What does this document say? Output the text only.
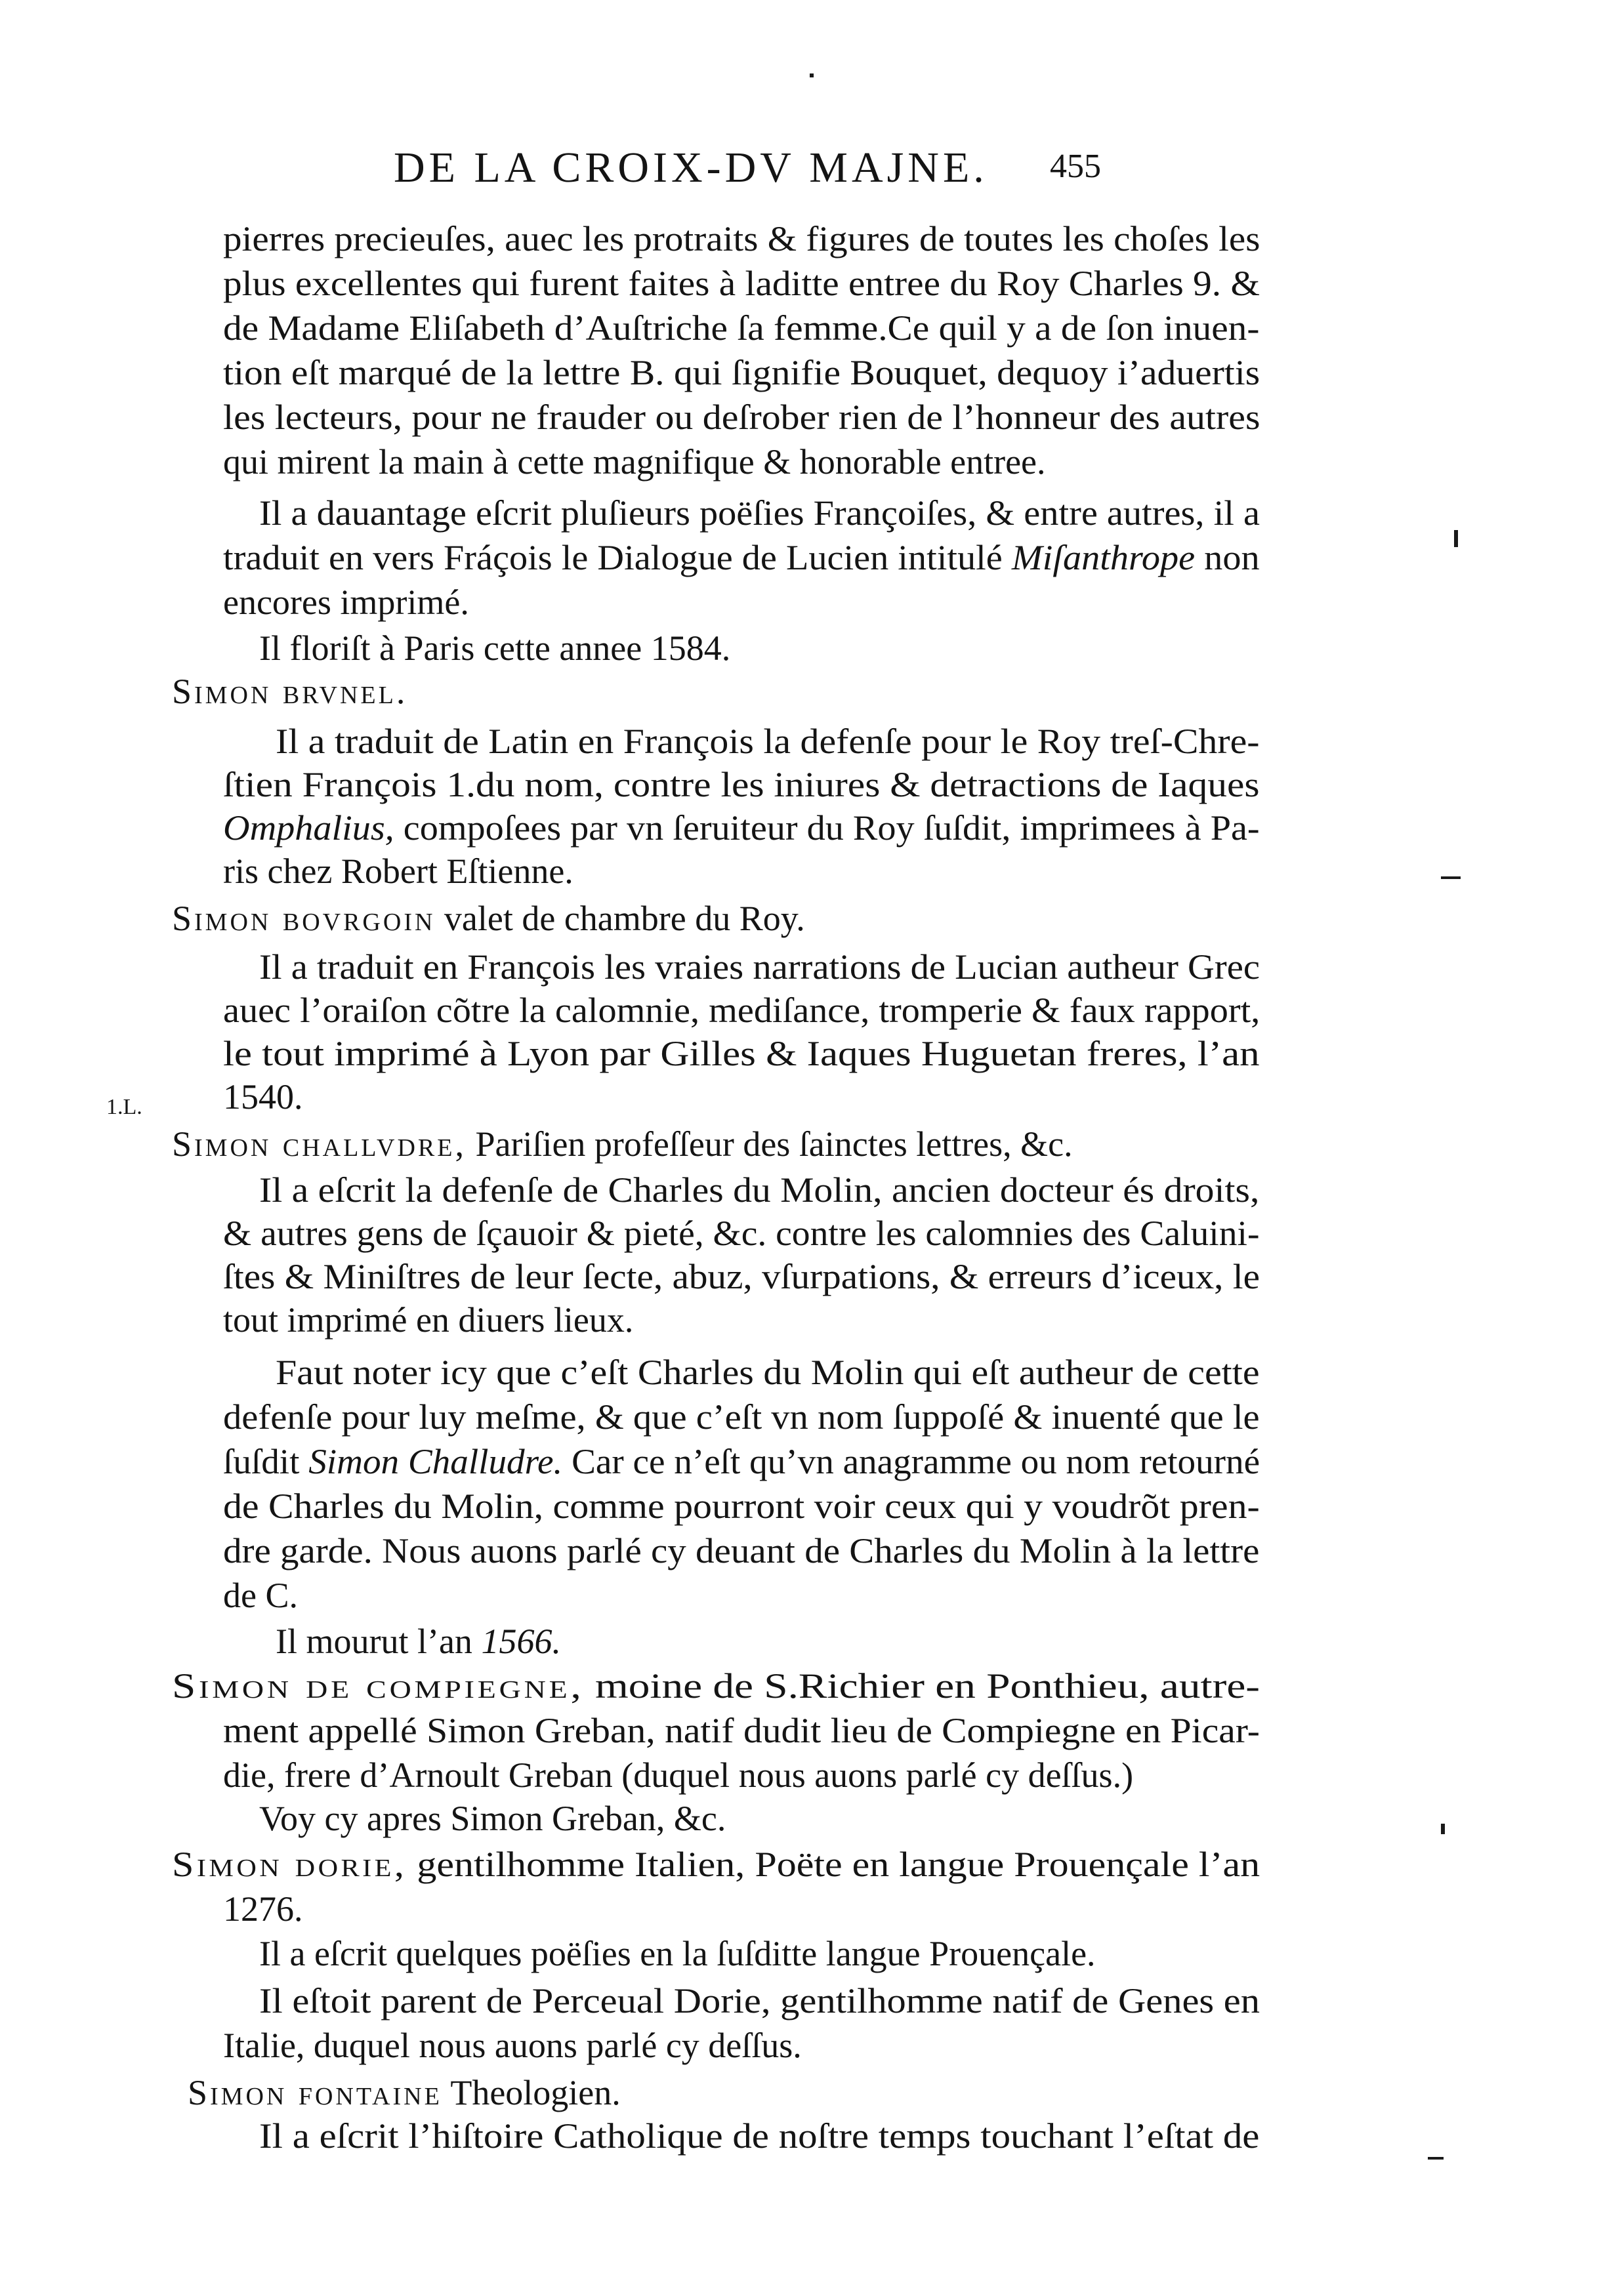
DE LA CROIX-DV MAJNE. 455
1.L.
pierres precieuſes, auec les protraits & figures de toutes les choſes les
plus excellentes qui furent faites à laditte entree du Roy Charles 9. &
de Madame Eliſabeth d’Auſtriche ſa femme.Ce quil y a de ſon inuen-
tion eſt marqué de la lettre B. qui ſignifie Bouquet, dequoy i’aduertis
les lecteurs, pour ne frauder ou deſrober rien de l’honneur des autres
qui mirent la main à cette magnifique & honorable entree.
Il a dauantage eſcrit pluſieurs poëſies Françoiſes, & entre autres, il a
traduit en vers Fráçois le Dialogue de Lucien intitulé Miſanthrope non
encores imprimé.
Il floriſt à Paris cette annee 1584.
Simon brvnel.
Il a traduit de Latin en François la defenſe pour le Roy treſ-Chre-
ſtien François 1.du nom, contre les iniures & detractions de Iaques
Omphalius, compoſees par vn ſeruiteur du Roy ſuſdit, imprimees à Pa-
ris chez Robert Eſtienne.
Simon bovrgoin valet de chambre du Roy.
Il a traduit en François les vraies narrations de Lucian autheur Grec
auec l’oraiſon cõtre la calomnie, mediſance, tromperie & faux rapport,
le tout imprimé à Lyon par Gilles & Iaques Huguetan freres, l’an
1540.
Simon challvdre, Pariſien profeſſeur des ſainctes lettres, &c.
Il a eſcrit la defenſe de Charles du Molin, ancien docteur és droits,
& autres gens de ſçauoir & pieté, &c. contre les calomnies des Caluini-
ſtes & Miniſtres de leur ſecte, abuz, vſurpations, & erreurs d’iceux, le
tout imprimé en diuers lieux.
Faut noter icy que c’eſt Charles du Molin qui eſt autheur de cette
defenſe pour luy meſme, & que c’eſt vn nom ſuppoſé & inuenté que le
ſuſdit Simon Challudre. Car ce n’eſt qu’vn anagramme ou nom retourné
de Charles du Molin, comme pourront voir ceux qui y voudrõt pren-
dre garde. Nous auons parlé cy deuant de Charles du Molin à la lettre
de C.
Il mourut l’an 1566.
Simon de compiegne, moine de S.Richier en Ponthieu, autre-
ment appellé Simon Greban, natif dudit lieu de Compiegne en Picar-
die, frere d’Arnoult Greban (duquel nous auons parlé cy deſſus.)
Voy cy apres Simon Greban, &c.
Simon dorie, gentilhomme Italien, Poëte en langue Prouençale l’an
1276.
Il a eſcrit quelques poëſies en la ſuſditte langue Prouençale.
Il eſtoit parent de Perceual Dorie, gentilhomme natif de Genes en
Italie, duquel nous auons parlé cy deſſus.
Simon fontaine Theologien.
Il a eſcrit l’hiſtoire Catholique de noſtre temps touchant l’eſtat de
